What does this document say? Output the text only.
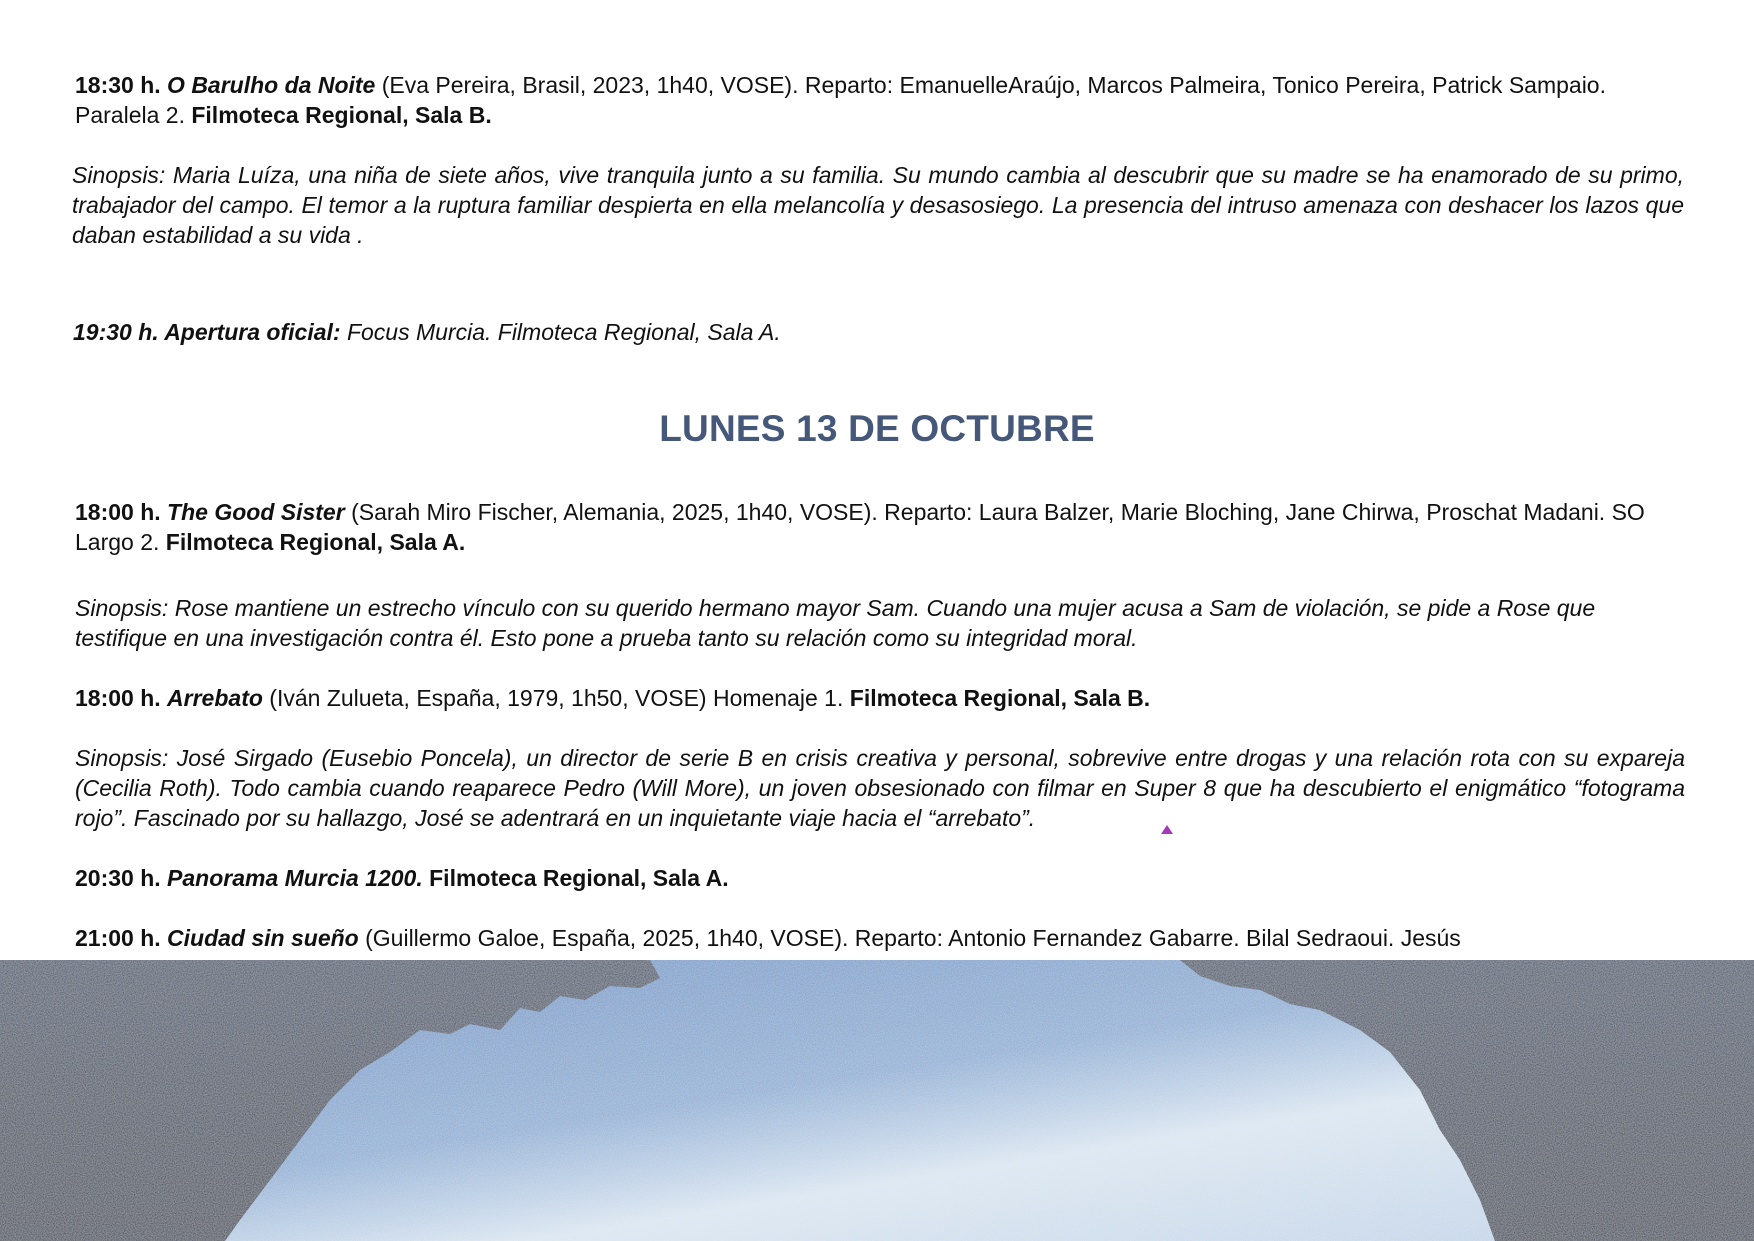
18:30 h. O Barulho da Noite (Eva Pereira, Brasil, 2023, 1h40, VOSE). Reparto: EmanuelleAraújo, Marcos Palmeira, Tonico Pereira, Patrick Sampaio. Paralela 2. Filmoteca Regional, Sala B.

Sinopsis: Maria Luíza, una niña de siete años, vive tranquila junto a su familia. Su mundo cambia al descubrir que su madre se ha enamorado de su primo, trabajador del campo. El temor a la ruptura familiar despierta en ella melancolía y desasosiego. La presencia del intruso amenaza con deshacer los lazos que daban estabilidad a su vida .

19:30 h. Apertura oficial: Focus Murcia. Filmoteca Regional, Sala A.

LUNES 13 DE OCTUBRE

18:00 h. The Good Sister (Sarah Miro Fischer, Alemania, 2025, 1h40, VOSE). Reparto: Laura Balzer, Marie Bloching, Jane Chirwa, Proschat Madani. SO Largo 2. Filmoteca Regional, Sala A.

Sinopsis: Rose mantiene un estrecho vínculo con su querido hermano mayor Sam. Cuando una mujer acusa a Sam de violación, se pide a Rose que testifique en una investigación contra él. Esto pone a prueba tanto su relación como su integridad moral.

18:00 h. Arrebato (Iván Zulueta, España, 1979, 1h50, VOSE) Homenaje 1. Filmoteca Regional, Sala B.

Sinopsis: José Sirgado (Eusebio Poncela), un director de serie B en crisis creativa y personal, sobrevive entre drogas y una relación rota con su expareja (Cecilia Roth). Todo cambia cuando reaparece Pedro (Will More), un joven obsesionado con filmar en Super 8 que ha descubierto el enigmático “fotograma rojo”. Fascinado por su hallazgo, José se adentrará en un inquietante viaje hacia el “arrebato”.

20:30 h. Panorama Murcia 1200. Filmoteca Regional, Sala A.

21:00 h. Ciudad sin sueño (Guillermo Galoe, España, 2025, 1h40, VOSE). Reparto: Antonio Fernandez Gabarre. Bilal Sedraoui. Jesús
